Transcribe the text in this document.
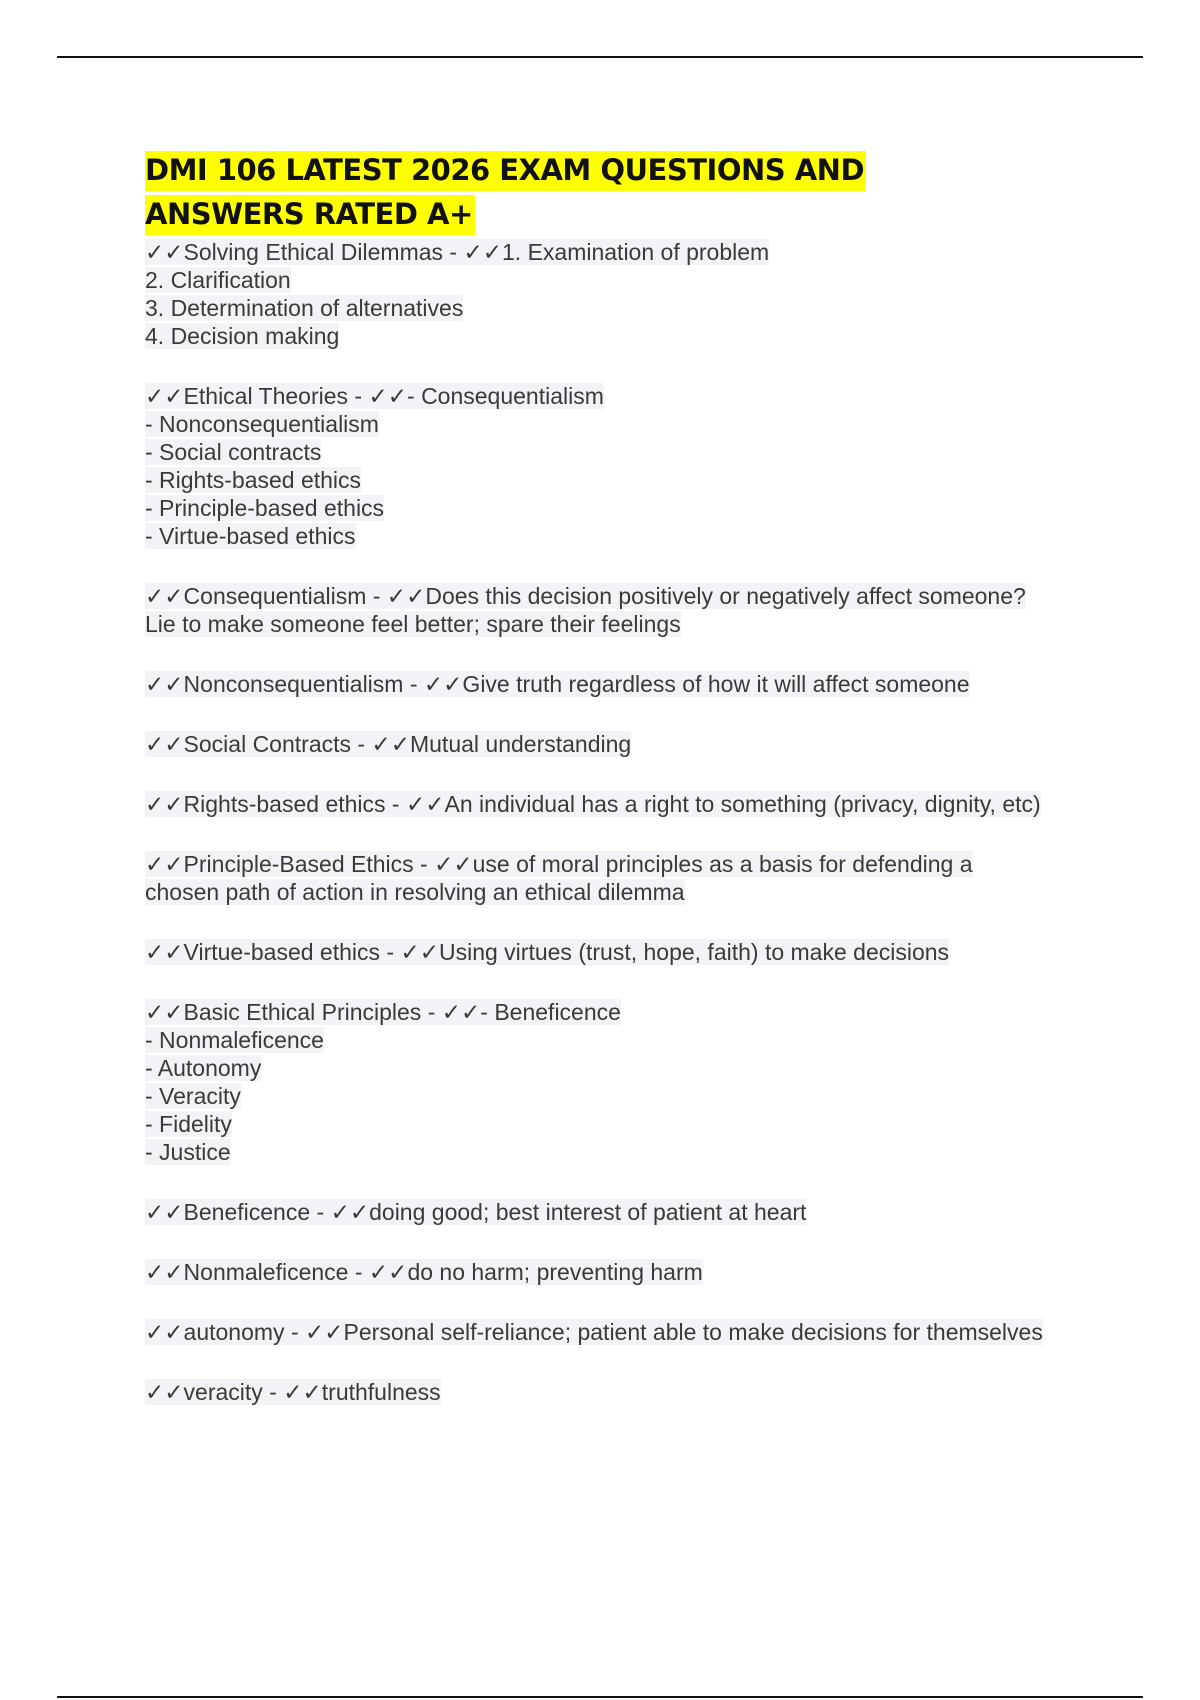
DMI 106 LATEST 2026 EXAM QUESTIONS AND
ANSWERS RATED A+
✓✓Solving Ethical Dilemmas - ✓✓1. Examination of problem
2. Clarification
3. Determination of alternatives
4. Decision making
✓✓Ethical Theories - ✓✓- Consequentialism
- Nonconsequentialism
- Social contracts
- Rights-based ethics
- Principle-based ethics
- Virtue-based ethics
✓✓Consequentialism - ✓✓Does this decision positively or negatively affect someone?
Lie to make someone feel better; spare their feelings
✓✓Nonconsequentialism - ✓✓Give truth regardless of how it will affect someone
✓✓Social Contracts - ✓✓Mutual understanding
✓✓Rights-based ethics - ✓✓An individual has a right to something (privacy, dignity, etc)
✓✓Principle-Based Ethics - ✓✓use of moral principles as a basis for defending a
chosen path of action in resolving an ethical dilemma
✓✓Virtue-based ethics - ✓✓Using virtues (trust, hope, faith) to make decisions
✓✓Basic Ethical Principles - ✓✓- Beneficence
- Nonmaleficence
- Autonomy
- Veracity
- Fidelity
- Justice
✓✓Beneficence - ✓✓doing good; best interest of patient at heart
✓✓Nonmaleficence - ✓✓do no harm; preventing harm
✓✓autonomy - ✓✓Personal self-reliance; patient able to make decisions for themselves
✓✓veracity - ✓✓truthfulness
